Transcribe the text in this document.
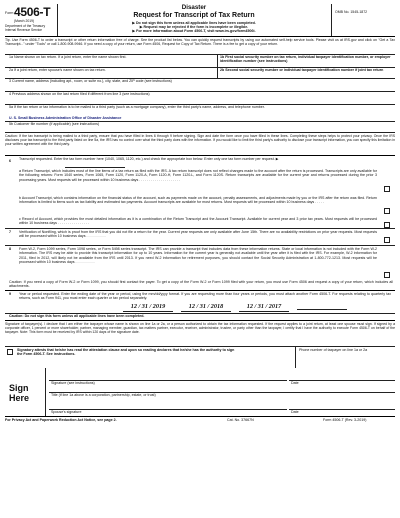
Form 4506-T
(March 2019)
Department of the Treasury
Internal Revenue Service
Disaster
Request for Transcript of Tax Return
▶ Do not sign this form unless all applicable lines have been completed.
▶ Request may be rejected if the form is incomplete or illegible.
▶ For more information about Form 4506-T, visit www.irs.gov/form4506t.
OMB No. 1545-1872
Tip. Use Form 4506-T to order a transcript or other return information free of charge. See the product list below. You can quickly request transcripts by using our automated self-help service tools. Please visit us at IRS.gov and click on "Get a Tax Transcript..." under "Tools" or call 1-800-908-9946. If you need a copy of your return, use Form 4506, Request for Copy of Tax Return. There is a fee to get a copy of your return.
1a Name shown on tax return. If a joint return, enter the name shown first.	1b First social security number on tax return, individual taxpayer identification number, or employer identification number (see instructions)
2a If a joint return, enter spouse's name shown on tax return.	2b Second social security number or individual taxpayer identification number if joint tax return
3 Current name, address (including apt., room, or suite no.), city, state, and ZIP code (see instructions)
4 Previous address shown on the last return filed if different from line 3 (see instructions)
5a If the tax return or tax information is to be mailed to a third party (such as a mortgage company), enter the third party's name, address, and telephone number.
U. S. Small Business Administration Office of Disaster Assistance
5b Customer file number (if applicable) (see instructions)
Caution: If the tax transcript is being mailed to a third party, ensure that you have filled in lines 6 through 9 before signing. Sign and date the form once you have filled in these lines. Completing these steps helps to protect your privacy. Once the IRS discloses your tax transcript to the third party listed on line 5a, the IRS has no control over what the third party does with the information. If you would like to limit the third party's authority to disclose your transcript information, you can specify this limitation in your written agreement with the third party.
6 Transcript requested. Enter the tax form number here (1040, 1065, 1120, etc.) and check the appropriate box below. Enter only one tax form number per request. ▶
a Return Transcript, which includes most of the line items of a tax return as filed with the IRS. A tax return transcript does not reflect changes made to the account after the return is processed. Transcripts are only available for the following returns: Form 1040 series, Form 1065, Form 1120, Form 1120-A, Form 1120-H, Form 1120-L, and Form 1120S. Return transcripts are available for the current year and returns processed during the prior 3 processing years. Most requests will be processed within 10 business days . . . . . . . . . . . . . . . . . . . . .
b Account Transcript, which contains information on the financial status of the account, such as payments made on the account, penalty assessments, and adjustments made by you or the IRS after the return was filed. Return information is limited to items such as tax liability and estimated tax payments. Account transcripts are available for most returns. Most requests will be processed within 10 business days . . . . .
c Record of Account, which provides the most detailed information as it is a combination of the Return Transcript and the Account Transcript. Available for current year and 3 prior tax years. Most requests will be processed within 10 business days . . . . . . . . . . . . . . . .
7 Verification of Nonfiling, which is proof from the IRS that you did not file a return for the year. Current year requests are only available after June 15th. There are no availability restrictions on prior year requests. Most requests will be processed within 10 business days . . . . . . . . . .
8 Form W-2, Form 1099 series, Form 1098 series, or Form 5498 series transcript. The IRS can provide a transcript that includes data from these information returns. State or local information is not included with the Form W-2 information. The IRS may be able to provide this transcript information for up to 10 years. Information for the current year is generally not available until the year after it is filed with the IRS. For example, W-2 information for 2011, filed in 2012, will likely not be available from the IRS until 2013. If you need W-2 information for retirement purposes, you should contact the Social Security Administration at 1-800-772-1213. Most requests will be processed within 10 business days . . . . . . . . . .
Caution: If you need a copy of Form W-2 or Form 1099, you should first contact the payer. To get a copy of the Form W-2 or Form 1099 filed with your return, you must use Form 4506 and request a copy of your return, which includes all attachments.
9 Year or period requested. Enter the ending date of the year or period, using the mm/dd/yyyy format. If you are requesting more than four years or periods, you must attach another Form 4506-T. For requests relating to quarterly tax returns, such as Form 941, you must enter each quarter or tax period separately.
12 / 31 / 2019	12 / 31 / 2018	12 / 31 / 2017
Caution: Do not sign this form unless all applicable lines have been completed.
Signature of taxpayer(s). I declare that I am either the taxpayer whose name is shown on line 1a or 2a, or a person authorized to obtain the tax information requested. If the request applies to a joint return, at least one spouse must sign. If signed by a corporate officer, 1 percent or more shareholder, partner, managing member, guardian, tax matters partner, executor, receiver, administrator, trustee, or party other than the taxpayer, I certify that I have the authority to execute Form 4506-T on behalf of the taxpayer. Note: This form must be received by IRS within 120 days of the signature date.
Signatory attests that he/she has read the attestation clause and upon so reading declares that he/she has the authority to sign the Form 4506-T. See instructions.
Phone number of taxpayer on line 1a or 2a
Sign
Here
Signature (see instructions)	Date
Title (if line 1a above is a corporation, partnership, estate, or trust)
Spouse's signature	Date
For Privacy Act and Paperwork Reduction Act Notice, see page 2.	Cat. No. 37667N	Form 4506-T (Rev. 3-2019)
